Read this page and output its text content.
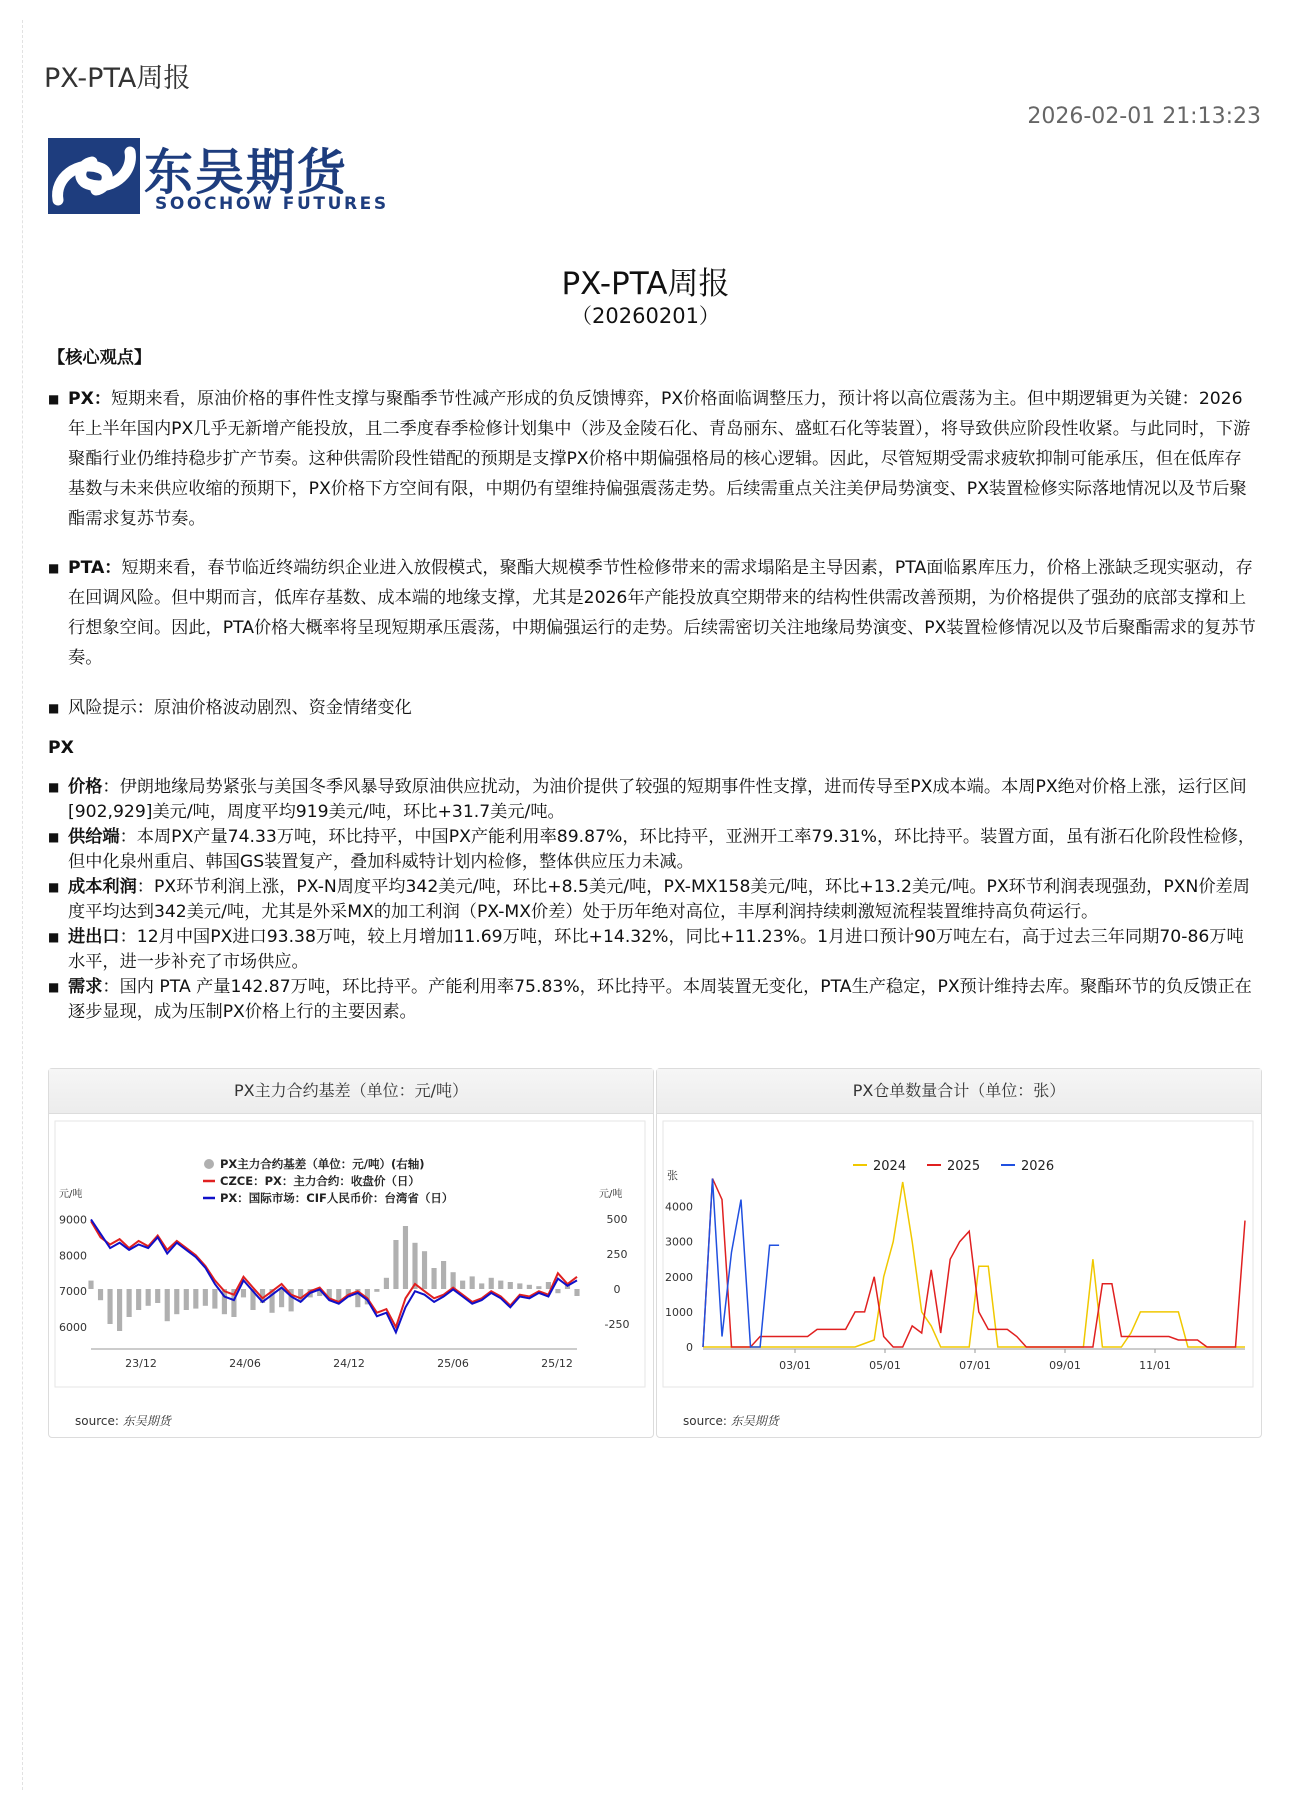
PX-PTA周报
2026-02-01 21:13:23
东吴期货
SOOCHOW FUTURES
PX-PTA周报
（20260201）

【核心观点】

■ PX：短期来看，原油价格的事件性支撑与聚酯季节性减产形成的负反馈博弈，PX价格面临调整压力，预计将以高位震荡为主。但中期逻辑更为关键：2026年上半年国内PX几乎无新增产能投放，且二季度春季检修计划集中（涉及金陵石化、青岛丽东、盛虹石化等装置），将导致供应阶段性收紧。与此同时，下游聚酯行业仍维持稳步扩产节奏。这种供需阶段性错配的预期是支撑PX价格中期偏强格局的核心逻辑。因此，尽管短期受需求疲软抑制可能承压，但在低库存基数与未来供应收缩的预期下，PX价格下方空间有限，中期仍有望维持偏强震荡走势。后续需重点关注美伊局势演变、PX装置检修实际落地情况以及节后聚酯需求复苏节奏。

■ PTA：短期来看，春节临近终端纺织企业进入放假模式，聚酯大规模季节性检修带来的需求塌陷是主导因素，PTA面临累库压力，价格上涨缺乏现实驱动，存在回调风险。但中期而言，低库存基数、成本端的地缘支撑，尤其是2026年产能投放真空期带来的结构性供需改善预期，为价格提供了强劲的底部支撑和上行想象空间。因此，PTA价格大概率将呈现短期承压震荡，中期偏强运行的走势。后续需密切关注地缘局势演变、PX装置检修情况以及节后聚酯需求的复苏节奏。

■ 风险提示：原油价格波动剧烈、资金情绪变化

PX

■ 价格：伊朗地缘局势紧张与美国冬季风暴导致原油供应扰动，为油价提供了较强的短期事件性支撑，进而传导至PX成本端。本周PX绝对价格上涨，运行区间[902,929]美元/吨，周度平均919美元/吨，环比+31.7美元/吨。

■ 供给端：本周PX产量74.33万吨，环比持平，中国PX产能利用率89.87%，环比持平，亚洲开工率79.31%，环比持平。装置方面，虽有浙石化阶段性检修，但中化泉州重启、韩国GS装置复产，叠加科威特计划内检修，整体供应压力未减。

■ 成本利润：PX环节利润上涨，PX-N周度平均342美元/吨，环比+8.5美元/吨，PX-MX158美元/吨，环比+13.2美元/吨。PX环节利润表现强劲，PXN价差周度平均达到342美元/吨，尤其是外采MX的加工利润（PX-MX价差）处于历年绝对高位，丰厚利润持续刺激短流程装置维持高负荷运行。

■ 进出口：12月中国PX进口93.38万吨，较上月增加11.69万吨，环比+14.32%，同比+11.23%。1月进口预计90万吨左右，高于过去三年同期70-86万吨水平，进一步补充了市场供应。

■ 需求：国内 PTA 产量142.87万吨，环比持平。产能利用率75.83%，环比持平。本周装置无变化，PTA生产稳定，PX预计维持去库。聚酯环节的负反馈正在逐步显现，成为压制PX价格上行的主要因素。

PX主力合约基差（单位：元/吨）
PX主力合约基差（单位：元/吨）(右轴)
CZCE：PX：主力合约：收盘价（日）
PX：国际市场：CIF人民币价：台湾省（日）
元/吨	元/吨
9000
8000
7000
6000
500
250
0
-250
23/12	24/06	24/12	25/06	25/12
source: 东吴期货
PX仓单数量合计（单位：张）
2024	2025	2026
张
4000
3000
2000
1000
0
03/01	05/01	07/01	09/01	11/01
source: 东吴期货
